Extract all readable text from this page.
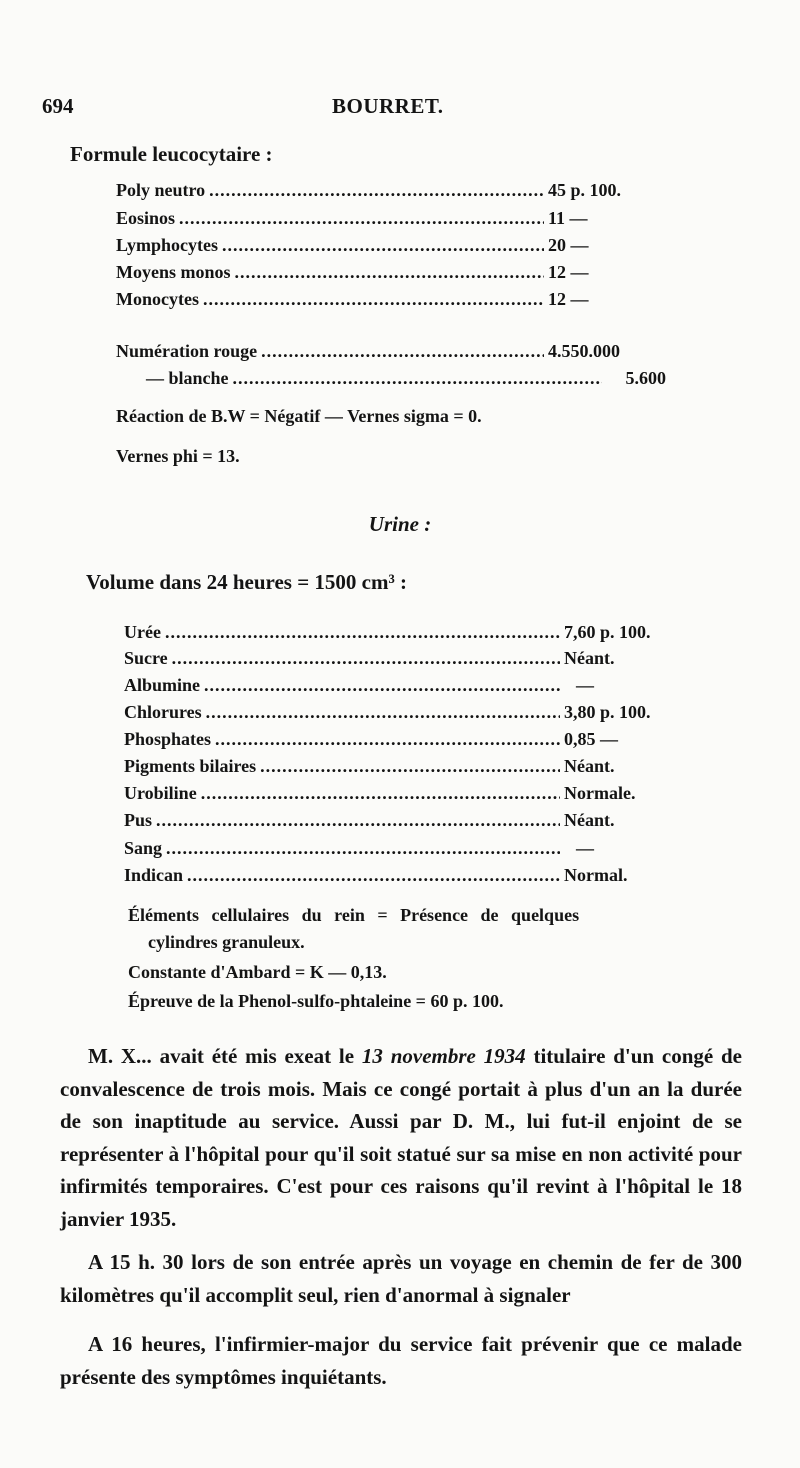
694	BOURRET.
Formule leucocytaire :
Poly neutro .....	45 p. 100.
Eosinos .....	11 —
Lymphocytes .....	20 —
Moyens monos .....	12 —
Monocytes .....	12 —
Numération rouge .....	4.550.000
— blanche .....	5.600
Réaction de B.W = Négatif — Vernes sigma = 0.
Vernes phi = 13.
Urine :
Volume dans 24 heures = 1500 cm³ :
Urée .....	7,60 p. 100.
Sucre .....	Néant.
Albumine .....	—
Chlorures .....	3,80 p. 100.
Phosphates .....	0,85 —
Pigments bilaires .....	Néant.
Urobiline .....	Normale.
Pus .....	Néant.
Sang .....	—
Indican .....	Normal.
Éléments cellulaires du rein = Présence de quelques
cylindres granuleux.
Constante d'Ambard = K — 0,13.
Épreuve de la Phenol-sulfo-phtaleine = 60 p. 100.

M. X... avait été mis exeat le 13 novembre 1934 titulaire d'un congé de convalescence de trois mois. Mais ce congé portait à plus d'un an la durée de son inaptitude au service. Aussi par D. M., lui fut-il enjoint de se représenter à l'hôpital pour qu'il soit statué sur sa mise en non activité pour infirmités temporaires. C'est pour ces raisons qu'il revint à l'hôpital le 18 janvier 1935.

A 15 h. 30 lors de son entrée après un voyage en chemin de fer de 300 kilomètres qu'il accomplit seul, rien d'anormal à signaler

A 16 heures, l'infirmier-major du service fait prévenir que ce malade présente des symptômes inquiétants.
